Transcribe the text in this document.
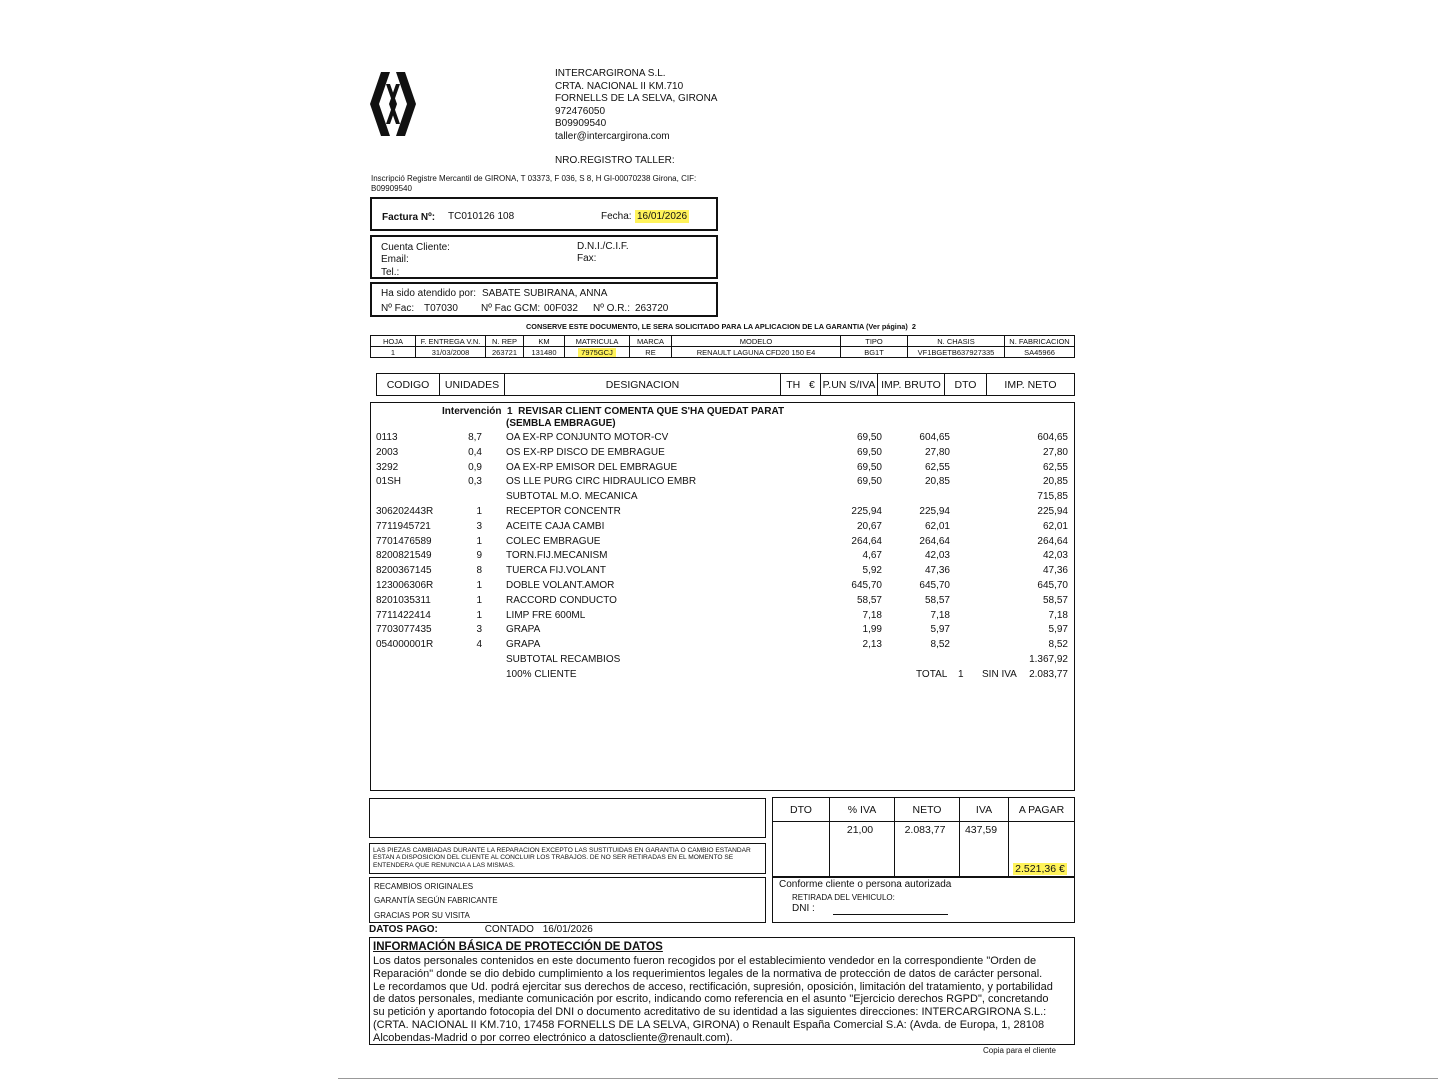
INTERCARGIRONA S.L.
CRTA. NACIONAL II KM.710
FORNELLS DE LA SELVA, GIRONA
972476050
B09909540
taller@intercargirona.com
NRO.REGISTRO TALLER:
Inscripció Registre Mercantil de GIRONA, T 03373, F 036, S 8, H GI-00070238 Girona, CIF: B09909540
Factura Nº: TC010126 108	Fecha: 16/01/2026
Cuenta Cliente:
Email:
Tel.:
D.N.I./C.I.F.
Fax:
Ha sido atendido por: SABATE SUBIRANA, ANNA
Nº Fac: T07030 Nº Fac GCM: 00F032 Nº O.R.: 263720
CONSERVE ESTE DOCUMENTO, LE SERA SOLICITADO PARA LA APLICACION DE LA GARANTIA (Ver página) 2
HOJA	F. ENTREGA V.N.	N. REP	KM	MATRICULA	MARCA	MODELO	TIPO	N. CHASIS	N. FABRICACION
1	31/03/2008	263721	131480	7975GCJ	RE	RENAULT LAGUNA CFD20 150 E4	BG1T	VF1BGETB637927335	SA45966
CODIGO	UNIDADES	DESIGNACION	TH €	P.UN S/IVA	IMP. BRUTO	DTO	IMP. NETO
Intervención 1 REVISAR CLIENT COMENTA QUE S'HA QUEDAT PARAT
(SEMBLA EMBRAGUE)
0113	8,7 OA EX-RP CONJUNTO MOTOR-CV	69,50	604,65	604,65
2003	0,4 OS EX-RP DISCO DE EMBRAGUE	69,50	27,80	27,80
3292	0,9 OA EX-RP EMISOR DEL EMBRAGUE	69,50	62,55	62,55
01SH	0,3 OS LLE PURG CIRC HIDRAULICO EMBR	69,50	20,85	20,85
SUBTOTAL M.O. MECANICA	715,85
306202443R	1 RECEPTOR CONCENTR	225,94	225,94	225,94
7711945721	3 ACEITE CAJA CAMBI	20,67	62,01	62,01
7701476589	1 COLEC EMBRAGUE	264,64	264,64	264,64
8200821549	9 TORN.FIJ.MECANISM	4,67	42,03	42,03
8200367145	8 TUERCA FIJ.VOLANT	5,92	47,36	47,36
123006306R	1 DOBLE VOLANT.AMOR	645,70	645,70	645,70
8201035311	1 RACCORD CONDUCTO	58,57	58,57	58,57
7711422414	1 LIMP FRE 600ML	7,18	7,18	7,18
7703077435	3 GRAPA	1,99	5,97	5,97
054000001R	4 GRAPA	2,13	8,52	8,52
SUBTOTAL RECAMBIOS	1.367,92
100% CLIENTE	TOTAL 1 SIN IVA 2.083,77
LAS PIEZAS CAMBIADAS DURANTE LA REPARACION EXCEPTO LAS SUSTITUIDAS EN GARANTIA O CAMBIO ESTANDAR ESTAN A DISPOSICION DEL CLIENTE AL CONCLUIR LOS TRABAJOS. DE NO SER RETIRADAS EN EL MOMENTO SE ENTENDERA QUE RENUNCIA A LAS MISMAS.
RECAMBIOS ORIGINALES
GARANTÍA SEGÚN FABRICANTE
GRACIAS POR SU VISITA
DTO	% IVA	NETO	IVA	A PAGAR
	21,00	2.083,77	437,59	2.521,36 €
Conforme cliente o persona autorizada
RETIRADA DEL VEHICULO:
DNI :
DATOS PAGO:	CONTADO 16/01/2026
INFORMACIÓN BÁSICA DE PROTECCIÓN DE DATOS
Los datos personales contenidos en este documento fueron recogidos por el establecimiento vendedor en la correspondiente "Orden de
Reparación" donde se dio debido cumplimiento a los requerimientos legales de la normativa de protección de datos de carácter personal.
Le recordamos que Ud. podrá ejercitar sus derechos de acceso, rectificación, supresión, oposición, limitación del tratamiento, y portabilidad
de datos personales, mediante comunicación por escrito, indicando como referencia en el asunto "Ejercicio derechos RGPD", concretando
su petición y aportando fotocopia del DNI o documento acreditativo de su identidad a las siguientes direcciones: INTERCARGIRONA S.L.:
(CRTA. NACIONAL II KM.710, 17458 FORNELLS DE LA SELVA, GIRONA) o Renault España Comercial S.A: (Avda. de Europa, 1, 28108
Alcobendas-Madrid o por correo electrónico a datoscliente@renault.com).
Copia para el cliente
